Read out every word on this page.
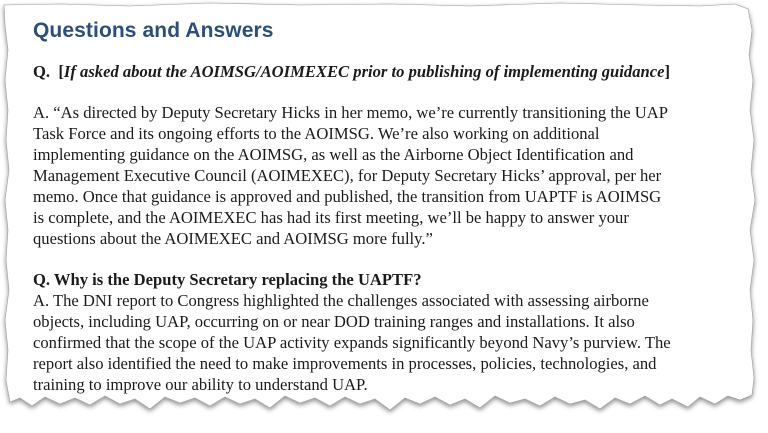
Questions and Answers
Q. [If asked about the AOIMSG/AOIMEXEC prior to publishing of implementing guidance]
A. “As directed by Deputy Secretary Hicks in her memo, we’re currently transitioning the UAP
Task Force and its ongoing efforts to the AOIMSG. We’re also working on additional
implementing guidance on the AOIMSG, as well as the Airborne Object Identification and
Management Executive Council (AOIMEXEC), for Deputy Secretary Hicks’ approval, per her
memo. Once that guidance is approved and published, the transition from UAPTF is AOIMSG
is complete, and the AOIMEXEC has had its first meeting, we’ll be happy to answer your
questions about the AOIMEXEC and AOIMSG more fully.”
Q. Why is the Deputy Secretary replacing the UAPTF?
A. The DNI report to Congress highlighted the challenges associated with assessing airborne
objects, including UAP, occurring on or near DOD training ranges and installations. It also
confirmed that the scope of the UAP activity expands significantly beyond Navy’s purview. The
report also identified the need to make improvements in processes, policies, technologies, and
training to improve our ability to understand UAP.
